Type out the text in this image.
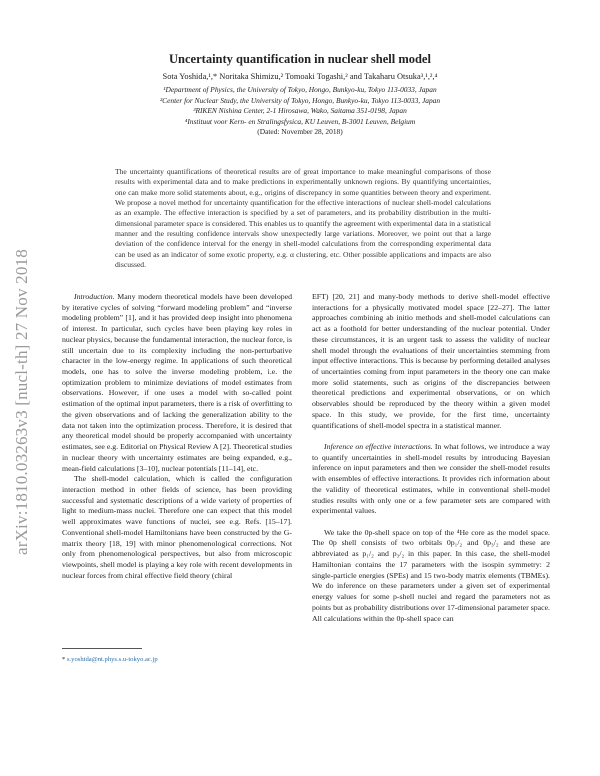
arXiv:1810.03263v3 [nucl-th] 27 Nov 2018
Uncertainty quantification in nuclear shell model
Sota Yoshida,¹,* Noritaka Shimizu,² Tomoaki Togashi,² and Takaharu Otsuka³,¹,²,⁴
¹Department of Physics, the University of Tokyo, Hongo, Bunkyo-ku, Tokyo 113-0033, Japan
²Center for Nuclear Study, the University of Tokyo, Hongo, Bunkyo-ku, Tokyo 113-0033, Japan
³RIKEN Nishina Center, 2-1 Hirosawa, Wako, Saitama 351-0198, Japan
⁴Instituut voor Kern- en Stralingsfysica, KU Leuven, B-3001 Leuven, Belgium
(Dated: November 28, 2018)
The uncertainty quantifications of theoretical results are of great importance to make meaningful comparisons of those results with experimental data and to make predictions in experimentally unknown regions. By quantifying uncertainties, one can make more solid statements about, e.g., origins of discrepancy in some quantities between theory and experiment. We propose a novel method for uncertainty quantification for the effective interactions of nuclear shell-model calculations as an example. The effective interaction is specified by a set of parameters, and its probability distribution in the multi-dimensional parameter space is considered. This enables us to quantify the agreement with experimental data in a statistical manner and the resulting confidence intervals show unexpectedly large variations. Moreover, we point out that a large deviation of the confidence interval for the energy in shell-model calculations from the corresponding experimental data can be used as an indicator of some exotic property, e.g. α clustering, etc. Other possible applications and impacts are also discussed.

Introduction. Many modern theoretical models have been developed by iterative cycles of solving “forward modeling problem” and “inverse modeling problem” [1], and it has provided deep insight into phenomena of interest. In particular, such cycles have been playing key roles in nuclear physics, because the fundamental interaction, the nuclear force, is still uncertain due to its complexity including the non-perturbative character in the low-energy regime. In applications of such theoretical models, one has to solve the inverse modeling problem, i.e. the optimization problem to minimize deviations of model estimates from observations. However, if one uses a model with so-called point estimation of the optimal input parameters, there is a risk of overfitting to the given observations and of lacking the generalization ability to the data not taken into the optimization process. Therefore, it is desired that any theoretical model should be properly accompanied with uncertainty estimates, see e.g. Editorial on Physical Review A [2]. Theoretical studies in nuclear theory with uncertainty estimates are being expanded, e.g., mean-field calculations [3–10], nuclear potentials [11–14], etc.

The shell-model calculation, which is called the configuration interaction method in other fields of science, has been providing successful and systematic descriptions of a wide variety of properties of light to medium-mass nuclei. Therefore one can expect that this model well approximates wave functions of nuclei, see e.g. Refs. [15–17]. Conventional shell-model Hamiltonians have been constructed by the G-matrix theory [18, 19] with minor phenomenological corrections. Not only from phenomenological perspectives, but also from microscopic viewpoints, shell model is playing a key role with recent developments in nuclear forces from chiral effective field theory (chiral

EFT) [20, 21] and many-body methods to derive shell-model effective interactions for a physically motivated model space [22–27]. The latter approaches combining ab initio methods and shell-model calculations can act as a foothold for better understanding of the nuclear potential. Under these circumstances, it is an urgent task to assess the validity of nuclear shell model through the evaluations of their uncertainties stemming from input effective interactions. This is because by performing detailed analyses of uncertainties coming from input parameters in the theory one can make more solid statements, such as origins of the discrepancies between theoretical predictions and experimental observations, or on which observables should be reproduced by the theory within a given model space. In this study, we provide, for the first time, uncertainty quantifications of shell-model spectra in a statistical manner.

Inference on effective interactions. In what follows, we introduce a way to quantify uncertainties in shell-model results by introducing Bayesian inference on input parameters and then we consider the shell-model results with ensembles of effective interactions. It provides rich information about the validity of theoretical estimates, while in conventional shell-model studies results with only one or a few parameter sets are compared with experimental values.

We take the 0p-shell space on top of the ⁴He core as the model space. The 0p shell consists of two orbitals 0p₁/₂ and 0p₃/₂ and these are abbreviated as p₁/₂ and p₃/₂ in this paper. In this case, the shell-model Hamiltonian contains the 17 parameters with the isospin symmetry: 2 single-particle energies (SPEs) and 15 two-body matrix elements (TBMEs). We do inference on these parameters under a given set of experimental energy values for some p-shell nuclei and regard the parameters not as points but as probability distributions over 17-dimensional parameter space. All calculations within the 0p-shell space can

* s.yoshida@nt.phys.s.u-tokyo.ac.jp
